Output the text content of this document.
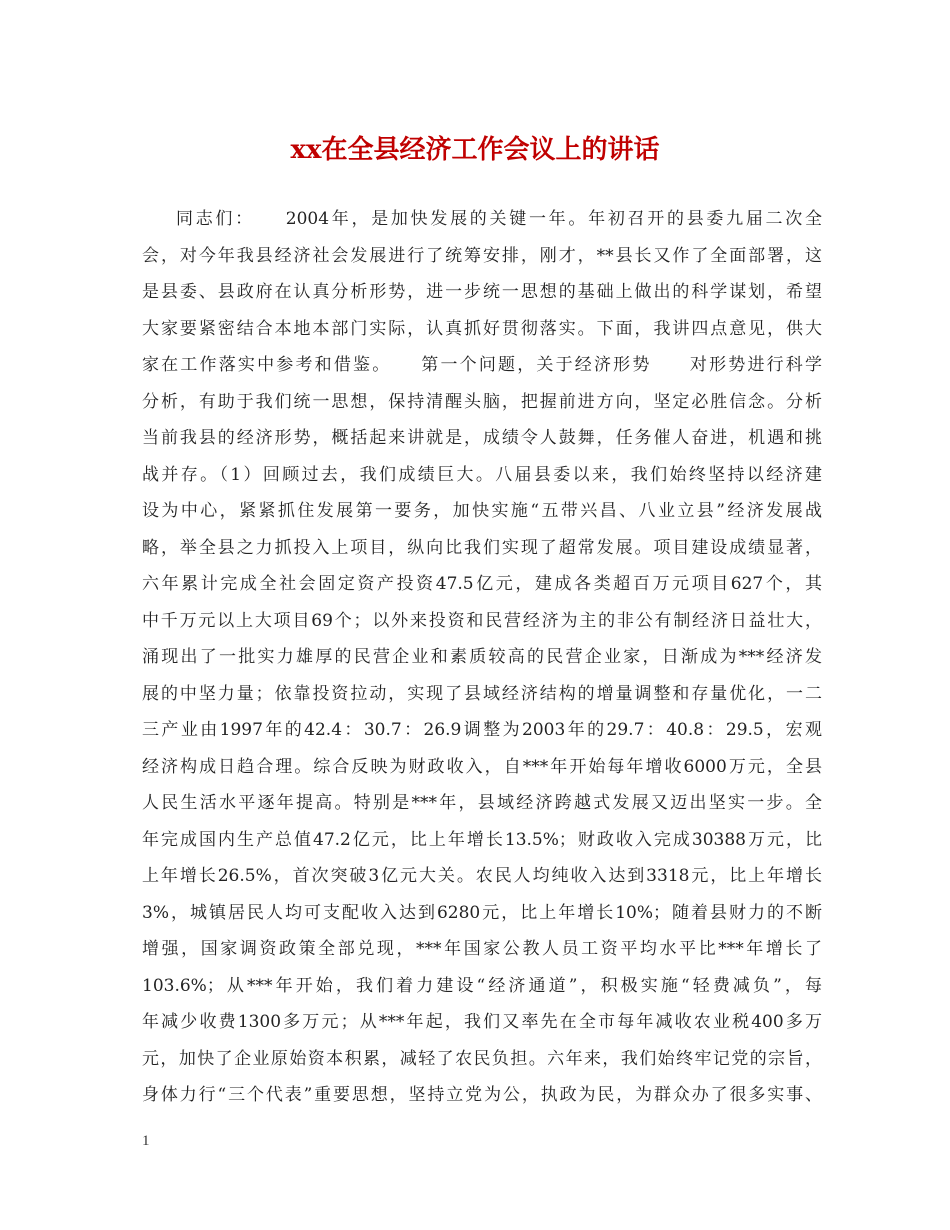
xx在全县经济工作会议上的讲话
同志们：　　2004年，是加快发展的关键一年。年初召开的县委九届二次全
会，对今年我县经济社会发展进行了统筹安排，刚才，**县长又作了全面部署，这
是县委、县政府在认真分析形势，进一步统一思想的基础上做出的科学谋划，希望
大家要紧密结合本地本部门实际，认真抓好贯彻落实。下面，我讲四点意见，供大
家在工作落实中参考和借鉴。　　第一个问题，关于经济形势　　对形势进行科学
分析，有助于我们统一思想，保持清醒头脑，把握前进方向，坚定必胜信念。分析
当前我县的经济形势，概括起来讲就是，成绩令人鼓舞，任务催人奋进，机遇和挑
战并存。（1）回顾过去，我们成绩巨大。八届县委以来，我们始终坚持以经济建
设为中心，紧紧抓住发展第一要务，加快实施“五带兴昌、八业立县”经济发展战
略，举全县之力抓投入上项目，纵向比我们实现了超常发展。项目建设成绩显著，
六年累计完成全社会固定资产投资47.5亿元，建成各类超百万元项目627个，其
中千万元以上大项目69个；以外来投资和民营经济为主的非公有制经济日益壮大，
涌现出了一批实力雄厚的民营企业和素质较高的民营企业家，日渐成为***经济发
展的中坚力量；依靠投资拉动，实现了县域经济结构的增量调整和存量优化，一二
三产业由1997年的42.4：30.7：26.9调整为2003年的29.7：40.8：29.5，宏观
经济构成日趋合理。综合反映为财政收入，自***年开始每年增收6000万元，全县
人民生活水平逐年提高。特别是***年，县域经济跨越式发展又迈出坚实一步。全
年完成国内生产总值47.2亿元，比上年增长13.5%；财政收入完成30388万元，比
上年增长26.5%，首次突破3亿元大关。农民人均纯收入达到3318元，比上年增长
3%，城镇居民人均可支配收入达到6280元，比上年增长10%；随着县财力的不断
增强，国家调资政策全部兑现，***年国家公教人员工资平均水平比***年增长了
103.6%；从***年开始，我们着力建设“经济通道”，积极实施“轻费减负”，每
年减少收费1300多万元；从***年起，我们又率先在全市每年减收农业税400多万
元，加快了企业原始资本积累，减轻了农民负担。六年来，我们始终牢记党的宗旨，
身体力行“三个代表”重要思想，坚持立党为公，执政为民，为群众办了很多实事、
1
